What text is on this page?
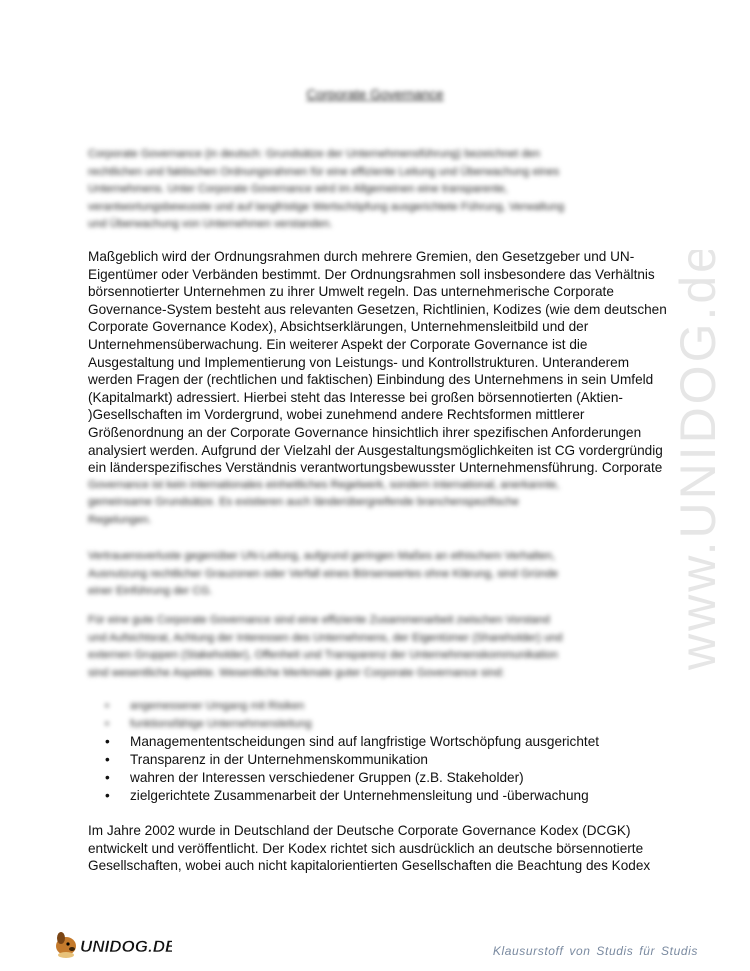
www.UNIDOG.de
Corporate Governance
Corporate Governance (in deutsch: Grundsätze der Unternehmensführung) bezeichnet den
rechtlichen und faktischen Ordnungsrahmen für eine effiziente Leitung und Überwachung eines
Unternehmens. Unter Corporate Governance wird im Allgemeinen eine transparente,
verantwortungsbewusste und auf langfristige Wertschöpfung ausgerichtete Führung, Verwaltung
und Überwachung von Unternehmen verstanden.
Maßgeblich wird der Ordnungsrahmen durch mehrere Gremien, den Gesetzgeber und UN-
Eigentümer oder Verbänden bestimmt. Der Ordnungsrahmen soll insbesondere das Verhältnis
börsennotierter Unternehmen zu ihrer Umwelt regeln. Das unternehmerische Corporate
Governance-System besteht aus relevanten Gesetzen, Richtlinien, Kodizes (wie dem deutschen
Corporate Governance Kodex), Absichtserklärungen, Unternehmensleitbild und der
Unternehmensüberwachung. Ein weiterer Aspekt der Corporate Governance ist die
Ausgestaltung und Implementierung von Leistungs- und Kontrollstrukturen. Unteranderem
werden Fragen der (rechtlichen und faktischen) Einbindung des Unternehmens in sein Umfeld
(Kapitalmarkt) adressiert. Hierbei steht das Interesse bei großen börsennotierten (Aktien-
)Gesellschaften im Vordergrund, wobei zunehmend andere Rechtsformen mittlerer
Größenordnung an der Corporate Governance hinsichtlich ihrer spezifischen Anforderungen
analysiert werden. Aufgrund der Vielzahl der Ausgestaltungsmöglichkeiten ist CG vordergründig
ein länderspezifisches Verständnis verantwortungsbewusster Unternehmensführung. Corporate
Governance ist kein internationales einheitliches Regelwerk, sondern international, anerkannte,
gemeinsame Grundsätze. Es existieren auch länderübergreifende branchenspezifische
Regelungen.
Vertrauensverluste gegenüber UN-Leitung, aufgrund geringen Maßes an ethischem Verhalten,
Ausnutzung rechtlicher Grauzonen oder Verfall eines Börsenwertes ohne Klärung, sind Gründe
einer Einführung der CG.
Für eine gute Corporate Governance sind eine effiziente Zusammenarbeit zwischen Vorstand
und Aufsichtsrat, Achtung der Interessen des Unternehmens, der Eigentümer (Shareholder) und
externen Gruppen (Stakeholder), Offenheit und Transparenz der Unternehmenskommunikation
sind wesentliche Aspekte. Wesentliche Merkmale guter Corporate Governance sind:
• angemessener Umgang mit Risiken
• funktionsfähige Unternehmensleitung
• Managemententscheidungen sind auf langfristige Wortschöpfung ausgerichtet
• Transparenz in der Unternehmenskommunikation
• wahren der Interessen verschiedener Gruppen (z.B. Stakeholder)
• zielgerichtete Zusammenarbeit der Unternehmensleitung und -überwachung
Im Jahre 2002 wurde in Deutschland der Deutsche Corporate Governance Kodex (DCGK)
entwickelt und veröffentlicht. Der Kodex richtet sich ausdrücklich an deutsche börsennotierte
Gesellschaften, wobei auch nicht kapitalorientierten Gesellschaften die Beachtung des Kodex
UNIDOG.DE	Klausurstoff von Studis für Studis
